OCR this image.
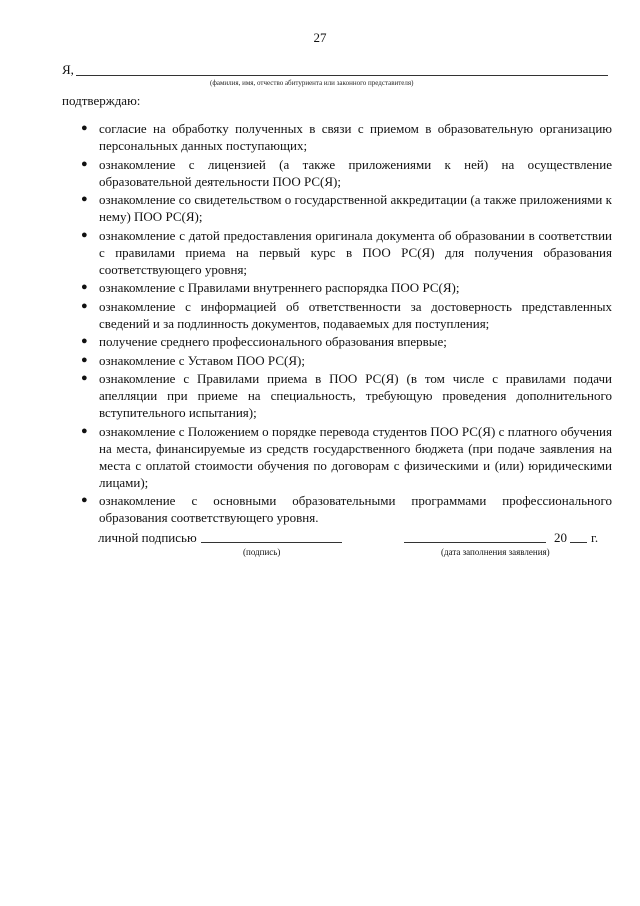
27
Я,
(фамилия, имя, отчество абитуриента или законного представителя)
подтверждаю:
● согласие на обработку полученных в связи с приемом в образовательную организацию персональных данных поступающих;
● ознакомление с лицензией (а также приложениями к ней) на осуществление образовательной деятельности ПОО РС(Я);
● ознакомление со свидетельством о государственной аккредитации (а также приложениями к нему) ПОО РС(Я);
● ознакомление с датой предоставления оригинала документа об образовании в соответствии с правилами приема на первый курс в ПОО РС(Я) для получения образования соответствующего уровня;
● ознакомление с Правилами внутреннего распорядка ПОО РС(Я);
● ознакомление с информацией об ответственности за достоверность представленных сведений и за подлинность документов, подаваемых для поступления;
● получение среднего профессионального образования впервые;
● ознакомление с Уставом ПОО РС(Я);
● ознакомление с Правилами приема в ПОО РС(Я) (в том числе с правилами подачи апелляции при приеме на специальность, требующую проведения дополнительного вступительного испытания);
● ознакомление с Положением о порядке перевода студентов ПОО РС(Я) с платного обучения на места, финансируемые из средств государственного бюджета (при подаче заявления на места с оплатой стоимости обучения по договорам с физическими и (или) юридическими лицами);
● ознакомление с основными образовательными программами профессионального образования соответствующего уровня.
личной подписью	20 г.
(подпись)	(дата заполнения заявления)
